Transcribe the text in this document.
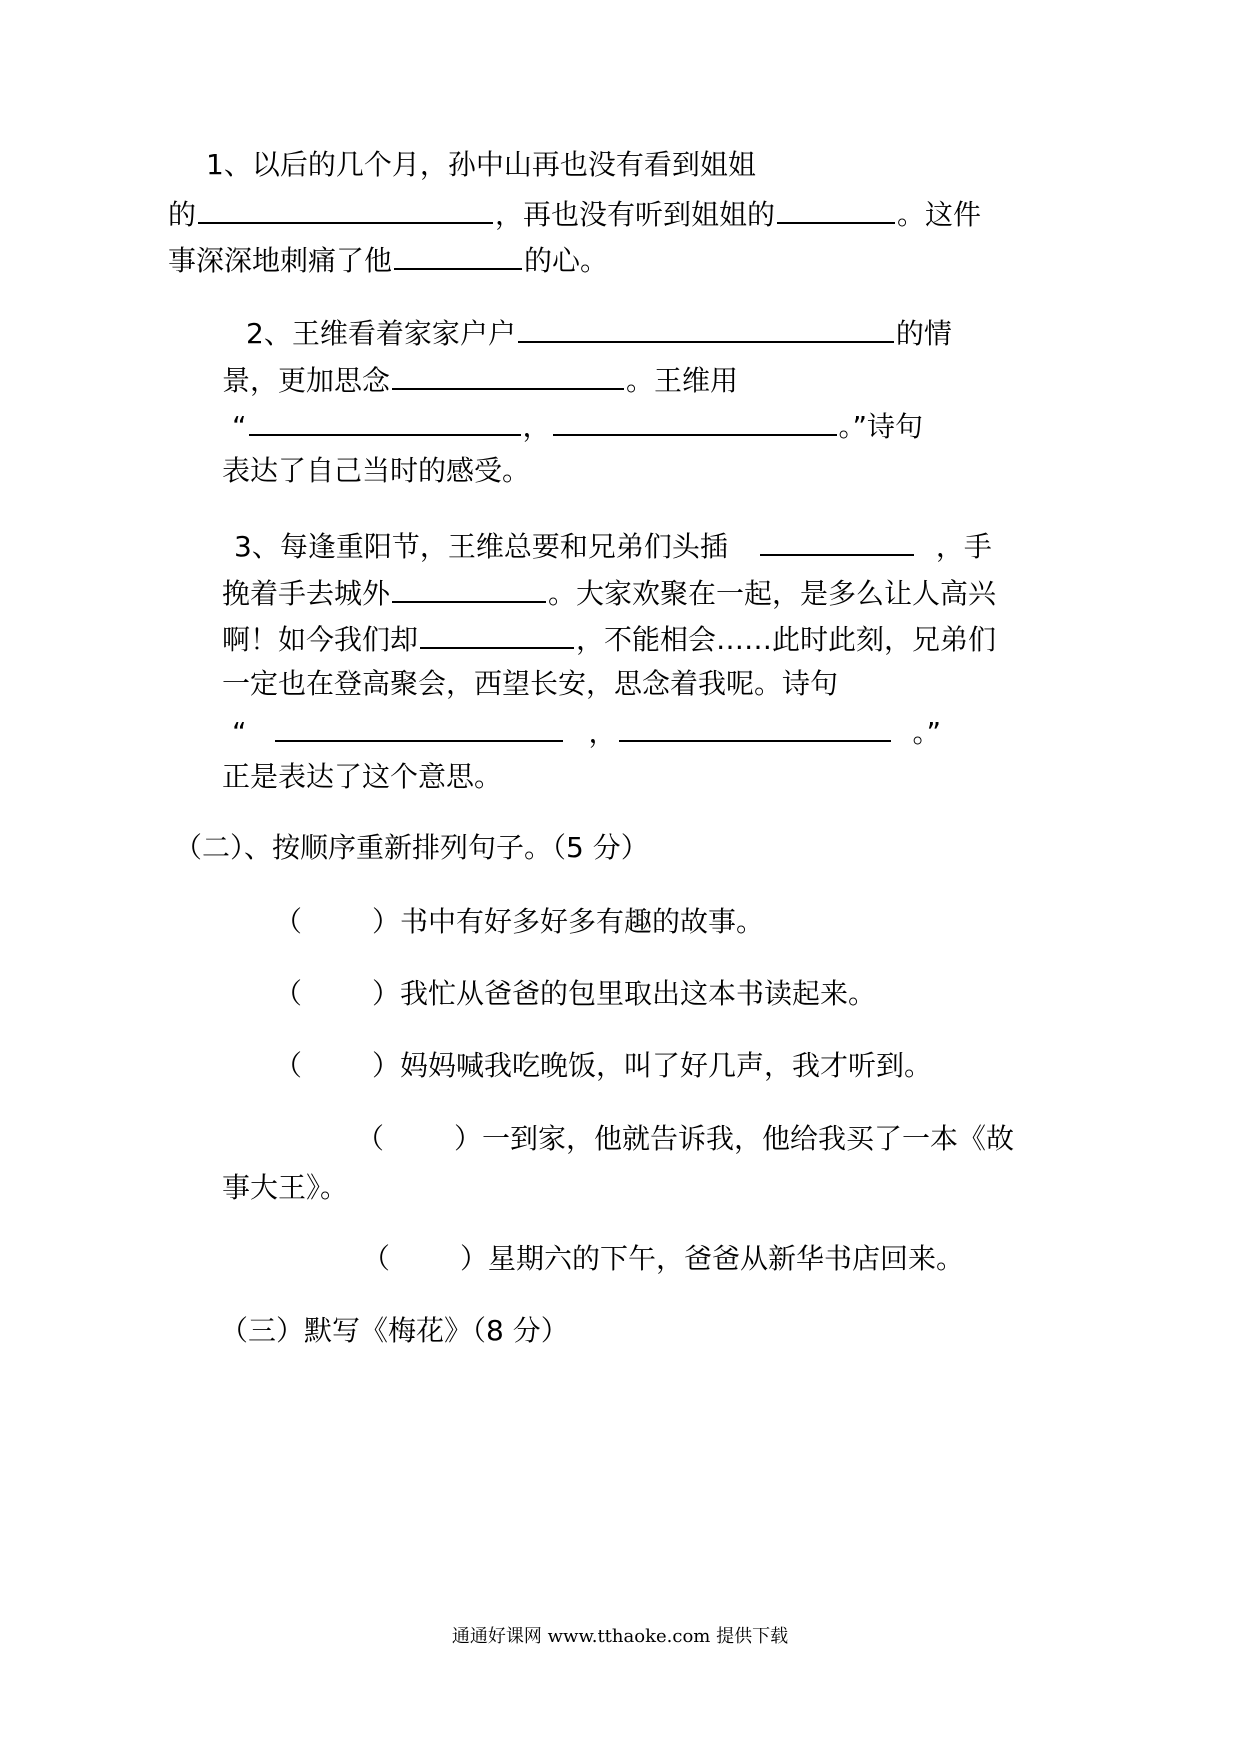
1、以后的几个月，孙中山再也没有看到姐姐
的	，再也没有听到姐姐的	。这件
事深深地刺痛了他	的心。
2、王维看着家家户户	的情
景，更加思念	。王维用
“	，	。”诗句
表达了自己当时的感受。
3、每逢重阳节，王维总要和兄弟们头插	，手
挽着手去城外	。大家欢聚在一起，是多么让人高兴
啊！如今我们却	，不能相会……此时此刻，兄弟们
一定也在登高聚会，西望长安，思念着我呢。诗句
“	，	。”
正是表达了这个意思。
（二）、按顺序重新排列句子。（5 分）
（	）书中有好多好多有趣的故事。
（	）我忙从爸爸的包里取出这本书读起来。
（	）妈妈喊我吃晚饭，叫了好几声，我才听到。
（	）一到家，他就告诉我，他给我买了一本《故
事大王》。
（	）星期六的下午，爸爸从新华书店回来。
（三）默写《梅花》（8 分）
通通好课网 www.tthaoke.com 提供下载
